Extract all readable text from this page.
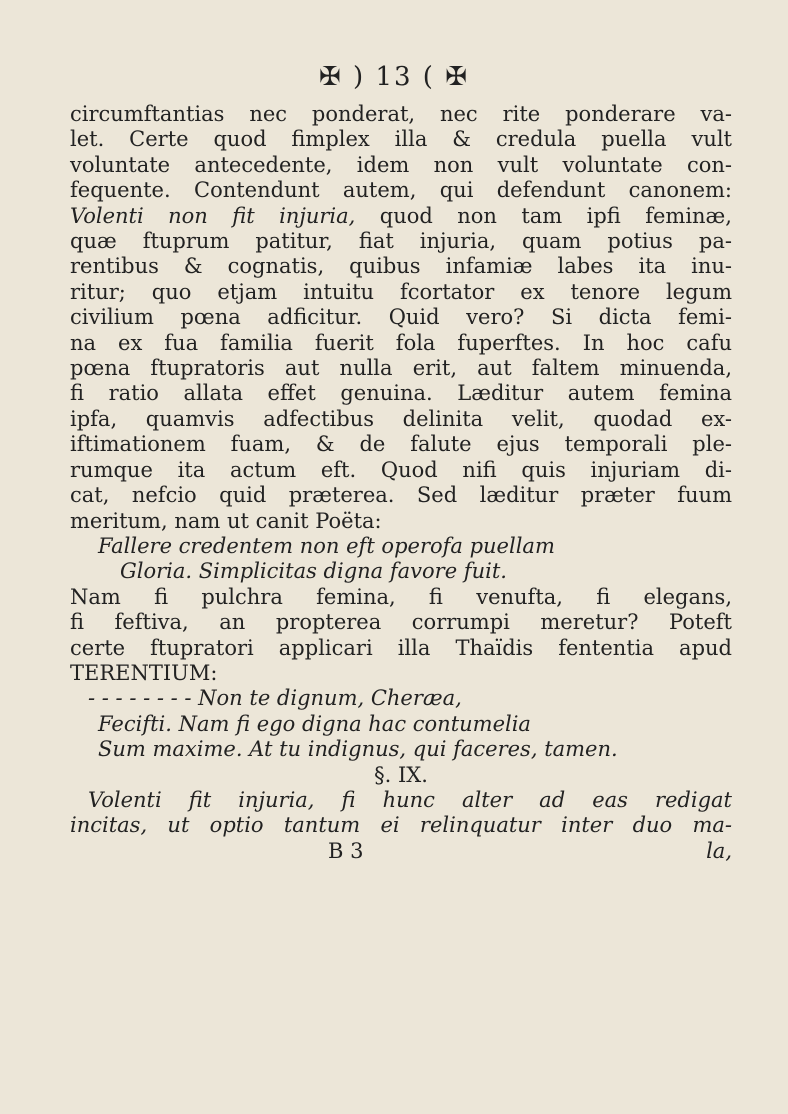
✠ ) 13 ( ✠
circumftantias nec ponderat, nec rite ponderare va-
let. Certe quod fimplex illa & credula puella vult
voluntate antecedente, idem non vult voluntate con-
fequente. Contendunt autem, qui defendunt canonem:
Volenti non fit injuria, quod non tam ipfi feminæ,
quæ ftuprum patitur, fiat injuria, quam potius pa-
rentibus & cognatis, quibus infamiæ labes ita inu-
ritur; quo etjam intuitu fcortator ex tenore legum
civilium pœna adficitur. Quid vero? Si dicta femi-
na ex fua familia fuerit fola fuperftes. In hoc cafu
pœna ftupratoris aut nulla erit, aut faltem minuenda,
fi ratio allata effet genuina. Læditur autem femina
ipfa, quamvis adfectibus delinita velit, quodad ex-
iftimationem fuam, & de falute ejus temporali ple-
rumque ita actum eft. Quod nifi quis injuriam di-
cat, nefcio quid prætereа. Sed læditur præter fuum
meritum, nam ut canit Poëta:
Fallere credentem non eft operofa puellam
Gloria. Simplicitas digna favore fuit.
Nam fi pulchra femina, fi venufta, fi elegans,
fi feftiva, an propterea corrumpi meretur? Poteft
certe ftupratori applicari illa Thaïdis fententia apud
TERENTIUM:
- - - - - - - - Non te dignum, Cheræa,
Fecifti. Nam fi ego digna hac contumelia
Sum maxime. At tu indignus, qui faceres, tamen.
§. IX.
Volenti fit injuria, fi hunc alter ad eas redigat
incitas, ut optio tantum ei relinquatur inter duo ma-
B 3	la,
